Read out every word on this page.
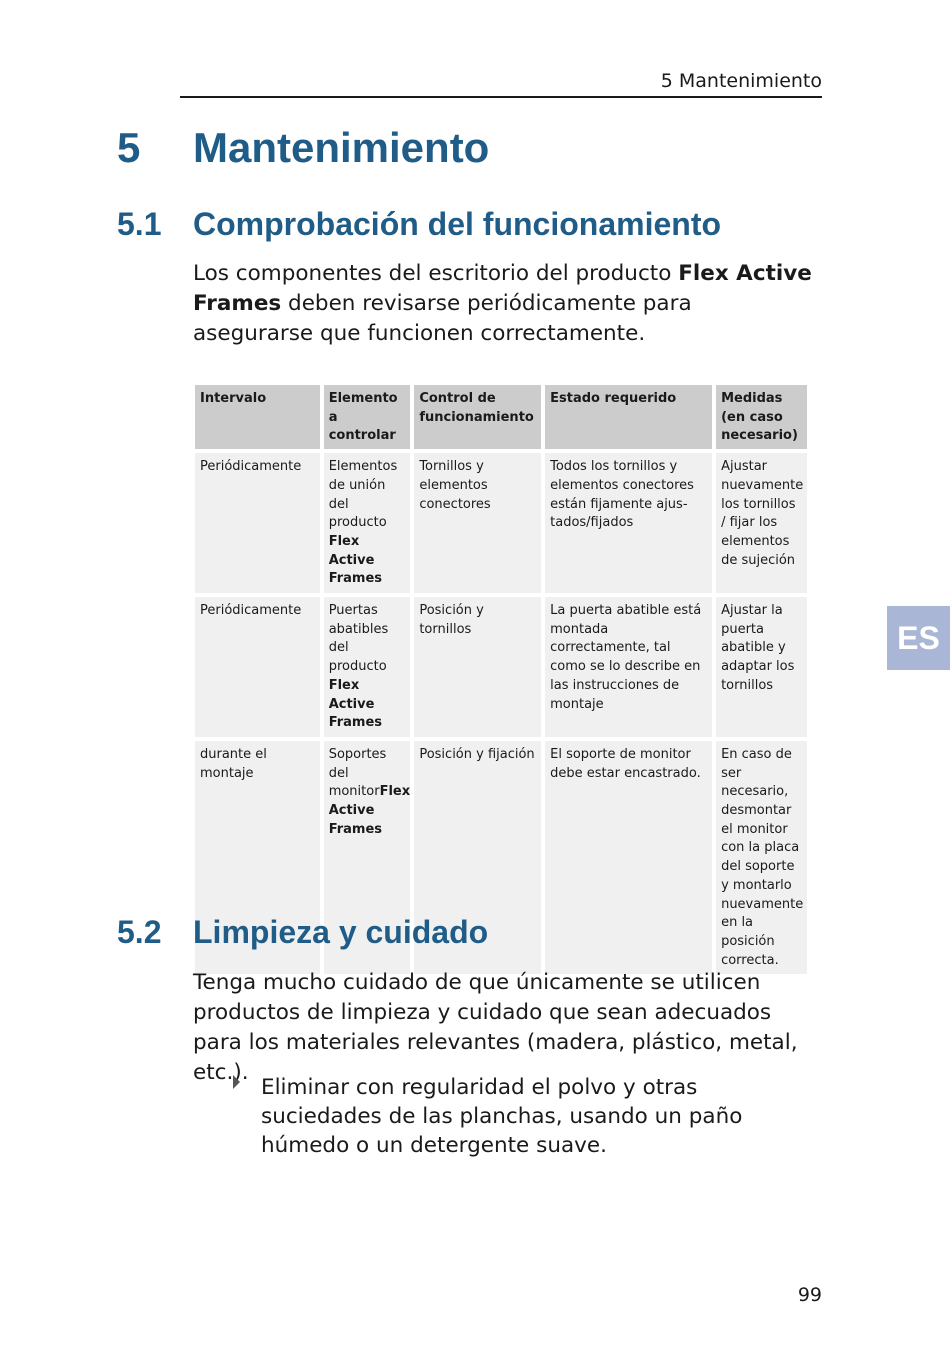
5 Mantenimiento
5 Mantenimiento
5.1 Comprobación del funcionamiento
Los componentes del escritorio del producto Flex Active Frames deben revisarse periódicamente para asegurarse que funcionen correctamente.
Intervalo	Elemento a controlar	Control de funcionamiento	Estado requerido	Medidas (en caso necesario)
Periódicamente	Elementos de unión del producto Flex Active Frames	Tornillos y elementos conectores	Todos los tornillos y elementos conectores están fijamente ajus-tados/fijados	Ajustar nuevamente los tornillos / fijar los elementos de sujeción
Periódicamente	Puertas abatibles del producto Flex Active Frames	Posición y tornillos	La puerta abatible está montada correctamente, tal como se lo describe en las instrucciones de montaje	Ajustar la puerta abatible y adaptar los tornillos
durante el montaje	Soportes del monitorFlex Active Frames	Posición y fijación	El soporte de monitor debe estar encastrado.	En caso de ser necesario, desmontar el monitor con la placa del soporte y montarlo nuevamente en la posición correcta.
ES
5.2 Limpieza y cuidado
Tenga mucho cuidado de que únicamente se utilicen productos de limpieza y cuidado que sean adecuados para los materiales relevantes (madera, plástico, metal, etc.).
Eliminar con regularidad el polvo y otras suciedades de las planchas, usando un paño húmedo o un detergente suave.
99
